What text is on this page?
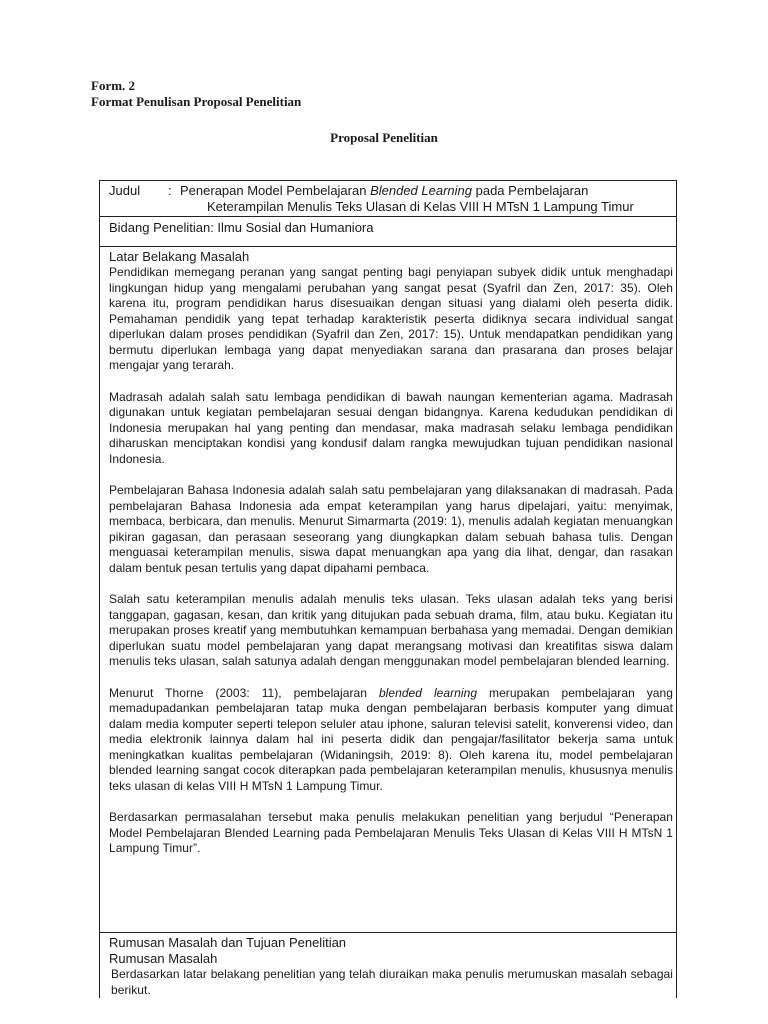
Form. 2
Format Penulisan Proposal Penelitian
Proposal Penelitian
Judul : Penerapan Model Pembelajaran Blended Learning pada Pembelajaran
Keterampilan Menulis Teks Ulasan di Kelas VIII H MTsN 1 Lampung Timur
Bidang Penelitian: Ilmu Sosial dan Humaniora
Latar Belakang Masalah

Pendidikan memegang peranan yang sangat penting bagi penyiapan subyek didik untuk menghadapi lingkungan hidup yang mengalami perubahan yang sangat pesat (Syafril dan Zen, 2017: 35). Oleh karena itu, program pendidikan harus disesuaikan dengan situasi yang dialami oleh peserta didik. Pemahaman pendidik yang tepat terhadap karakteristik peserta didiknya secara individual sangat diperlukan dalam proses pendidikan (Syafril dan Zen, 2017: 15). Untuk mendapatkan pendidikan yang bermutu diperlukan lembaga yang dapat menyediakan sarana dan prasarana dan proses belajar mengajar yang terarah.

Madrasah adalah salah satu lembaga pendidikan di bawah naungan kementerian agama. Madrasah digunakan untuk kegiatan pembelajaran sesuai dengan bidangnya. Karena kedudukan pendidikan di Indonesia merupakan hal yang penting dan mendasar, maka madrasah selaku lembaga pendidikan diharuskan menciptakan kondisi yang kondusif dalam rangka mewujudkan tujuan pendidikan nasional Indonesia.

Pembelajaran Bahasa Indonesia adalah salah satu pembelajaran yang dilaksanakan di madrasah. Pada pembelajaran Bahasa Indonesia ada empat keterampilan yang harus dipelajari, yaitu: menyimak, membaca, berbicara, dan menulis. Menurut Simarmarta (2019: 1), menulis adalah kegiatan menuangkan pikiran gagasan, dan perasaan seseorang yang diungkapkan dalam sebuah bahasa tulis. Dengan menguasai keterampilan menulis, siswa dapat menuangkan apa yang dia lihat, dengar, dan rasakan dalam bentuk pesan tertulis yang dapat dipahami pembaca.

Salah satu keterampilan menulis adalah menulis teks ulasan. Teks ulasan adalah teks yang berisi tanggapan, gagasan, kesan, dan kritik yang ditujukan pada sebuah drama, film, atau buku. Kegiatan itu merupakan proses kreatif yang membutuhkan kemampuan berbahasa yang memadai. Dengan demikian diperlukan suatu model pembelajaran yang dapat merangsang motivasi dan kreatifitas siswa dalam menulis teks ulasan, salah satunya adalah dengan menggunakan model pembelajaran blended learning.

Menurut Thorne (2003: 11), pembelajaran blended learning merupakan pembelajaran yang memadupadankan pembelajaran tatap muka dengan pembelajaran berbasis komputer yang dimuat dalam media komputer seperti telepon seluler atau iphone, saluran televisi satelit, konverensi video, dan media elektronik lainnya dalam hal ini peserta didik dan pengajar/fasilitator bekerja sama untuk meningkatkan kualitas pembelajaran (Widaningsih, 2019: 8). Oleh karena itu, model pembelajaran blended learning sangat cocok diterapkan pada pembelajaran keterampilan menulis, khususnya menulis teks ulasan di kelas VIII H MTsN 1 Lampung Timur.

Berdasarkan permasalahan tersebut maka penulis melakukan penelitian yang berjudul “Penerapan Model Pembelajaran Blended Learning pada Pembelajaran Menulis Teks Ulasan di Kelas VIII H MTsN 1 Lampung Timur”.

Rumusan Masalah dan Tujuan Penelitian
Rumusan Masalah

Berdasarkan latar belakang penelitian yang telah diuraikan maka penulis merumuskan masalah sebagai berikut.
